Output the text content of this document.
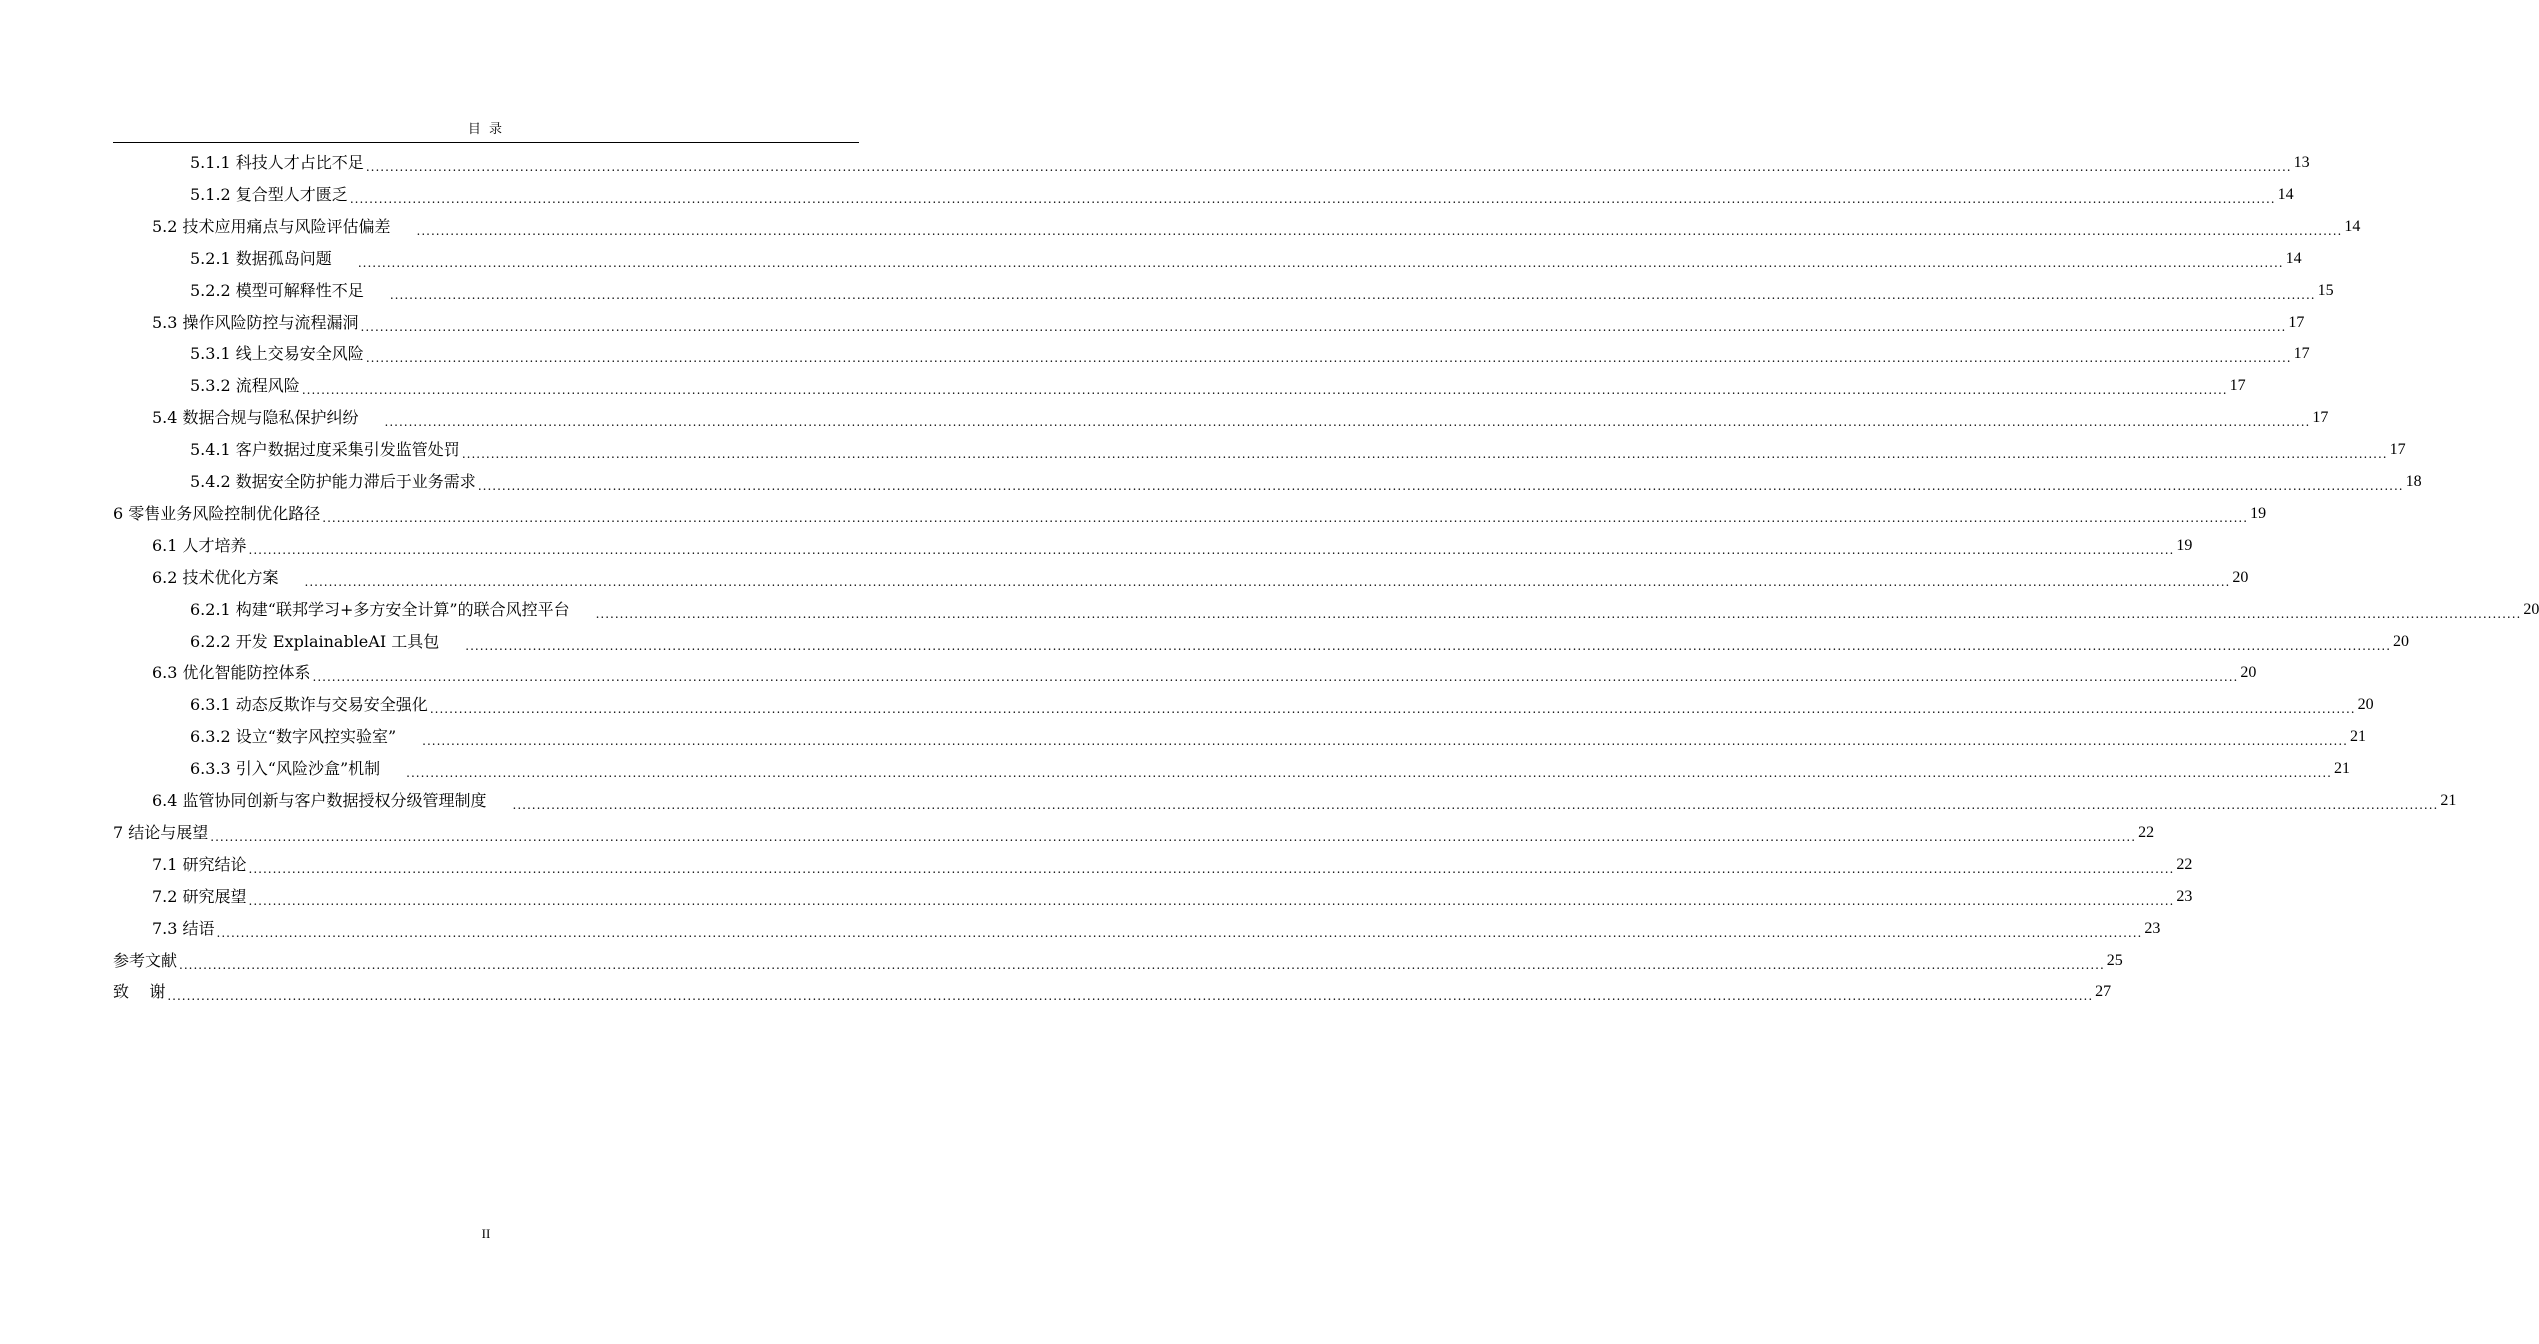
目 录
5.1.1 科技人才占比不足 ................................................................................................................................................................................................................................................................................................................................................................................................................ 13
5.1.2 复合型人才匮乏 ................................................................................................................................................................................................................................................................................................................................................................................................................ 14
5.2 技术应用痛点与风险评估偏差 ................................................................................................................................................................................................................................................................................................................................................................................................................ 14
5.2.1 数据孤岛问题 ................................................................................................................................................................................................................................................................................................................................................................................................................ 14
5.2.2 模型可解释性不足 ................................................................................................................................................................................................................................................................................................................................................................................................................ 15
5.3 操作风险防控与流程漏洞 ................................................................................................................................................................................................................................................................................................................................................................................................................ 17
5.3.1 线上交易安全风险 ................................................................................................................................................................................................................................................................................................................................................................................................................ 17
5.3.2 流程风险 ................................................................................................................................................................................................................................................................................................................................................................................................................ 17
5.4 数据合规与隐私保护纠纷 ................................................................................................................................................................................................................................................................................................................................................................................................................ 17
5.4.1 客户数据过度采集引发监管处罚 ................................................................................................................................................................................................................................................................................................................................................................................................................ 17
5.4.2 数据安全防护能力滞后于业务需求 ................................................................................................................................................................................................................................................................................................................................................................................................................ 18
6 零售业务风险控制优化路径 ................................................................................................................................................................................................................................................................................................................................................................................................................ 19
6.1 人才培养 ................................................................................................................................................................................................................................................................................................................................................................................................................ 19
6.2 技术优化方案 ................................................................................................................................................................................................................................................................................................................................................................................................................ 20
6.2.1 构建“联邦学习+多方安全计算”的联合风控平台 ................................................................................................................................................................................................................................................................................................................................................................................................................ 20
6.2.2 开发 ExplainableAI 工具包 ................................................................................................................................................................................................................................................................................................................................................................................................................ 20
6.3 优化智能防控体系 ................................................................................................................................................................................................................................................................................................................................................................................................................ 20
6.3.1 动态反欺诈与交易安全强化 ................................................................................................................................................................................................................................................................................................................................................................................................................ 20
6.3.2 设立“数字风控实验室” ................................................................................................................................................................................................................................................................................................................................................................................................................ 21
6.3.3 引入“风险沙盒”机制 ................................................................................................................................................................................................................................................................................................................................................................................................................ 21
6.4 监管协同创新与客户数据授权分级管理制度 ................................................................................................................................................................................................................................................................................................................................................................................................................ 21
7 结论与展望 ................................................................................................................................................................................................................................................................................................................................................................................................................ 22
7.1 研究结论 ................................................................................................................................................................................................................................................................................................................................................................................................................ 22
7.2 研究展望 ................................................................................................................................................................................................................................................................................................................................................................................................................ 23
7.3 结语 ................................................................................................................................................................................................................................................................................................................................................................................................................ 23
参考文献 ................................................................................................................................................................................................................................................................................................................................................................................................................ 25
致    谢 ................................................................................................................................................................................................................................................................................................................................................................................................................ 27
II
